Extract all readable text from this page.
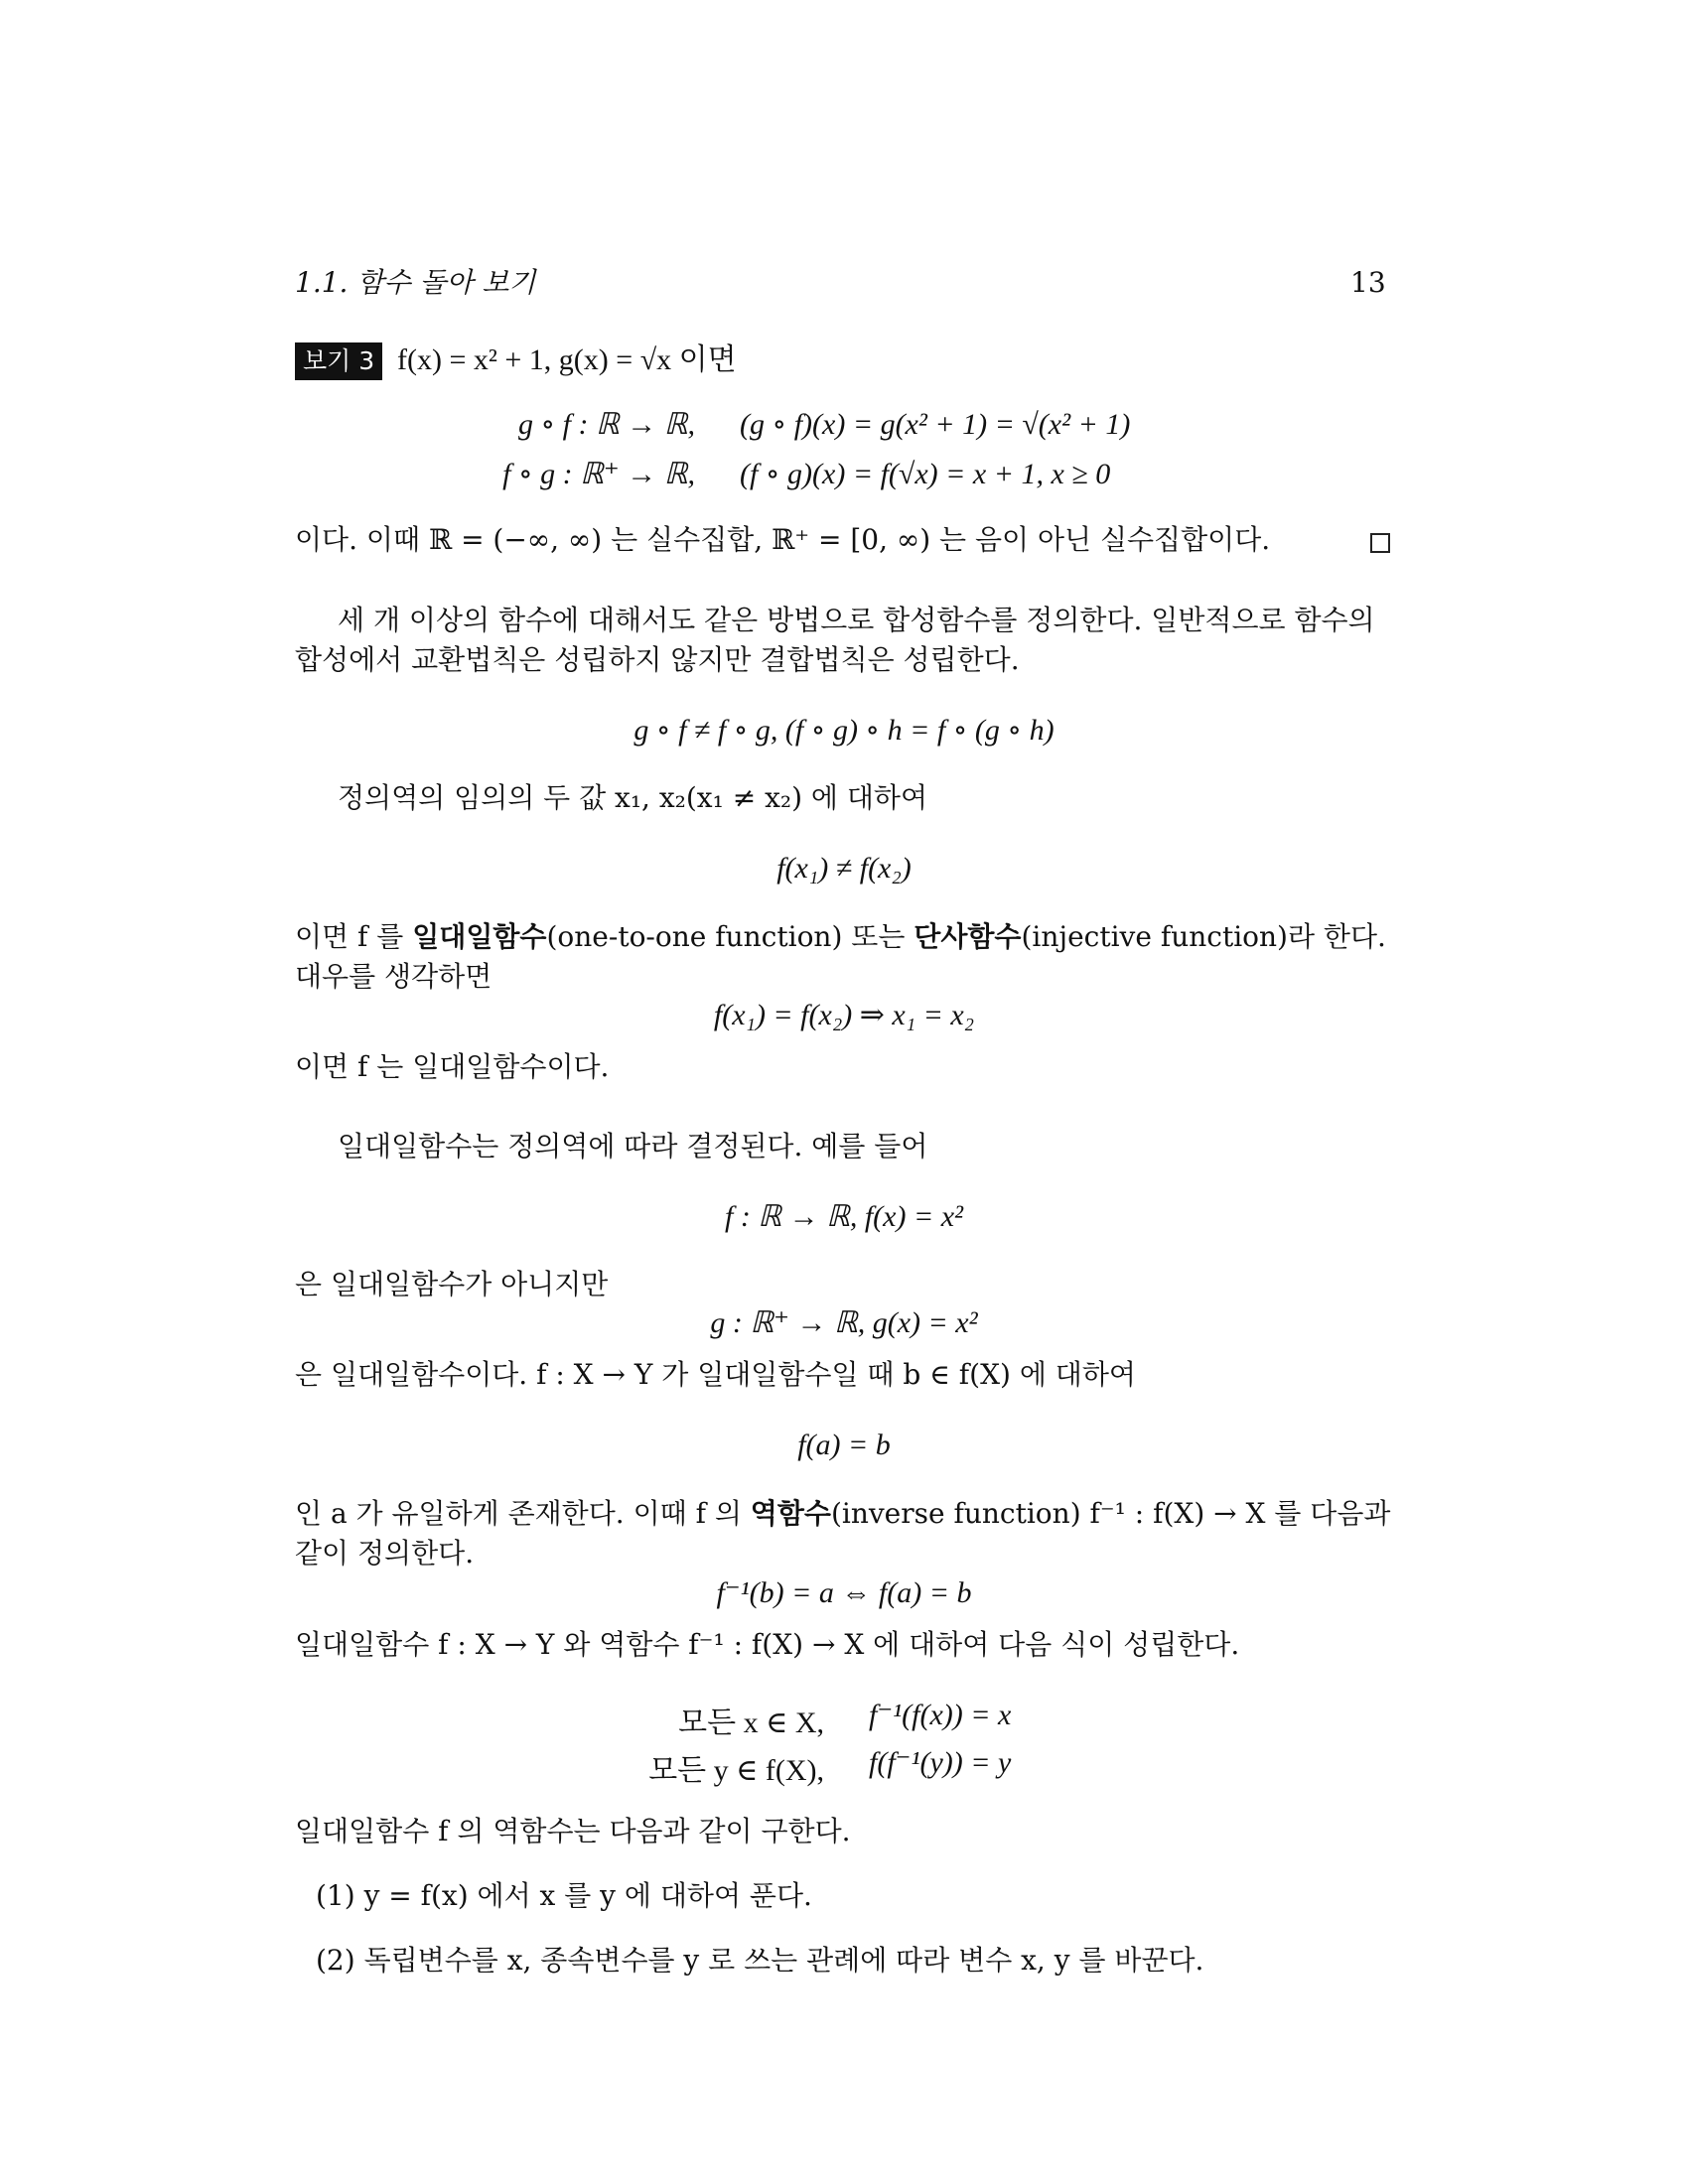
1.1. 함수 돌아 보기	13
보기 3 f(x) = x² + 1, g(x) = √x 이면
g ∘ f : ℝ → ℝ, (g ∘ f)(x) = g(x² + 1) = √(x² + 1)
f ∘ g : ℝ⁺ → ℝ, (f ∘ g)(x) = f(√x) = x + 1, x ≥ 0
이다. 이때 ℝ = (−∞, ∞) 는 실수집합, ℝ⁺ = [0, ∞) 는 음이 아닌 실수집합이다.
세 개 이상의 함수에 대해서도 같은 방법으로 합성함수를 정의한다. 일반적으로 함수의
합성에서 교환법칙은 성립하지 않지만 결합법칙은 성립한다.
g ∘ f ≠ f ∘ g, (f ∘ g) ∘ h = f ∘ (g ∘ h)
정의역의 임의의 두 값 x₁, x₂(x₁ ≠ x₂) 에 대하여
f(x₁) ≠ f(x₂)
이면 f 를 일대일함수(one-to-one function) 또는 단사함수(injective function)라 한다.
대우를 생각하면
f(x₁) = f(x₂) ⇒ x₁ = x₂
이면 f 는 일대일함수이다.
일대일함수는 정의역에 따라 결정된다. 예를 들어
f : ℝ → ℝ, f(x) = x²
은 일대일함수가 아니지만
g : ℝ⁺ → ℝ, g(x) = x²
은 일대일함수이다. f : X → Y 가 일대일함수일 때 b ∈ f(X) 에 대하여
f(a) = b
인 a 가 유일하게 존재한다. 이때 f 의 역함수(inverse function) f⁻¹ : f(X) → X 를 다음과
같이 정의한다.
f⁻¹(b) = a ⇔ f(a) = b
일대일함수 f : X → Y 와 역함수 f⁻¹ : f(X) → X 에 대하여 다음 식이 성립한다.
모든 x ∈ X, f⁻¹(f(x)) = x
모든 y ∈ f(X), f(f⁻¹(y)) = y
일대일함수 f 의 역함수는 다음과 같이 구한다.
(1) y = f(x) 에서 x 를 y 에 대하여 푼다.
(2) 독립변수를 x, 종속변수를 y 로 쓰는 관례에 따라 변수 x, y 를 바꾼다.
